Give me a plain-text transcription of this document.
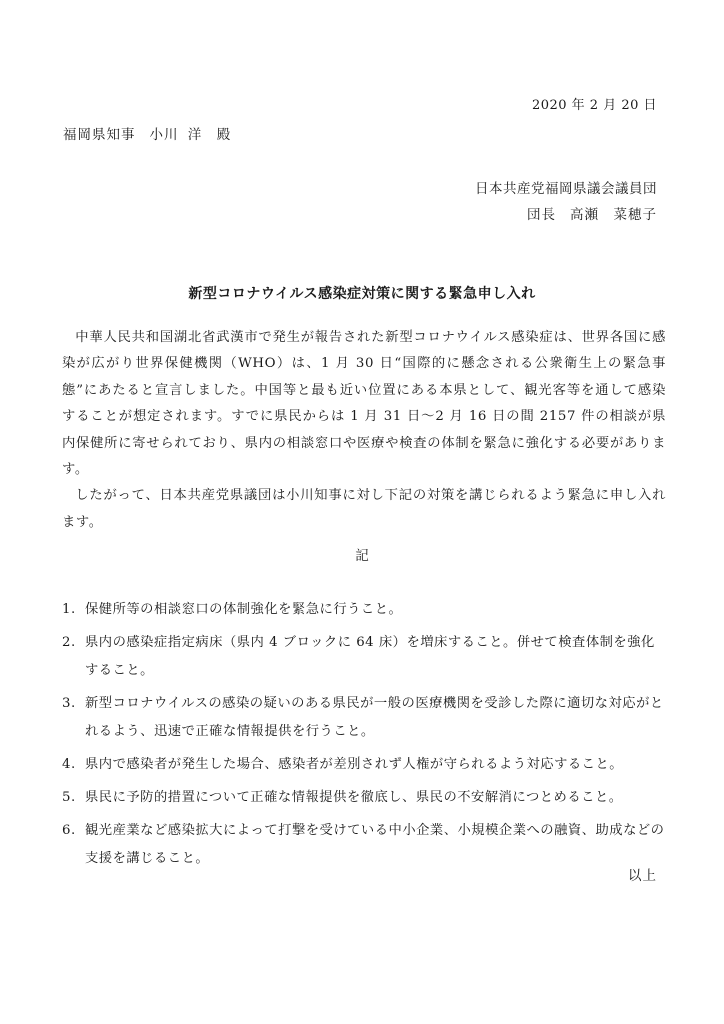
2020 年 2 月 20 日
福岡県知事 小川 洋　殿
日本共産党福岡県議会議員団
団長 高瀬　菜穂子
新型コロナウイルス感染症対策に関する緊急申し入れ

中華人民共和国湖北省武漢市で発生が報告された新型コロナウイルス感染症は、世界各国に感染が広がり世界保健機関（WHO）は、1 月 30 日“国際的に懸念される公衆衛生上の緊急事態”にあたると宣言しました。中国等と最も近い位置にある本県として、観光客等を通して感染することが想定されます。すでに県民からは 1 月 31 日～2 月 16 日の間 2157 件の相談が県内保健所に寄せられており、県内の相談窓口や医療や検査の体制を緊急に強化する必要があります。

したがって、日本共産党県議団は小川知事に対し下記の対策を講じられるよう緊急に申し入れます。

記
1. 保健所等の相談窓口の体制強化を緊急に行うこと。
2. 県内の感染症指定病床（県内 4 ブロックに 64 床）を増床すること。併せて検査体制を強化すること。
3. 新型コロナウイルスの感染の疑いのある県民が一般の医療機関を受診した際に適切な対応がとれるよう、迅速で正確な情報提供を行うこと。
4. 県内で感染者が発生した場合、感染者が差別されず人権が守られるよう対応すること。
5. 県民に予防的措置について正確な情報提供を徹底し、県民の不安解消につとめること。
6. 観光産業など感染拡大によって打撃を受けている中小企業、小規模企業への融資、助成などの支援を講じること。
以上
